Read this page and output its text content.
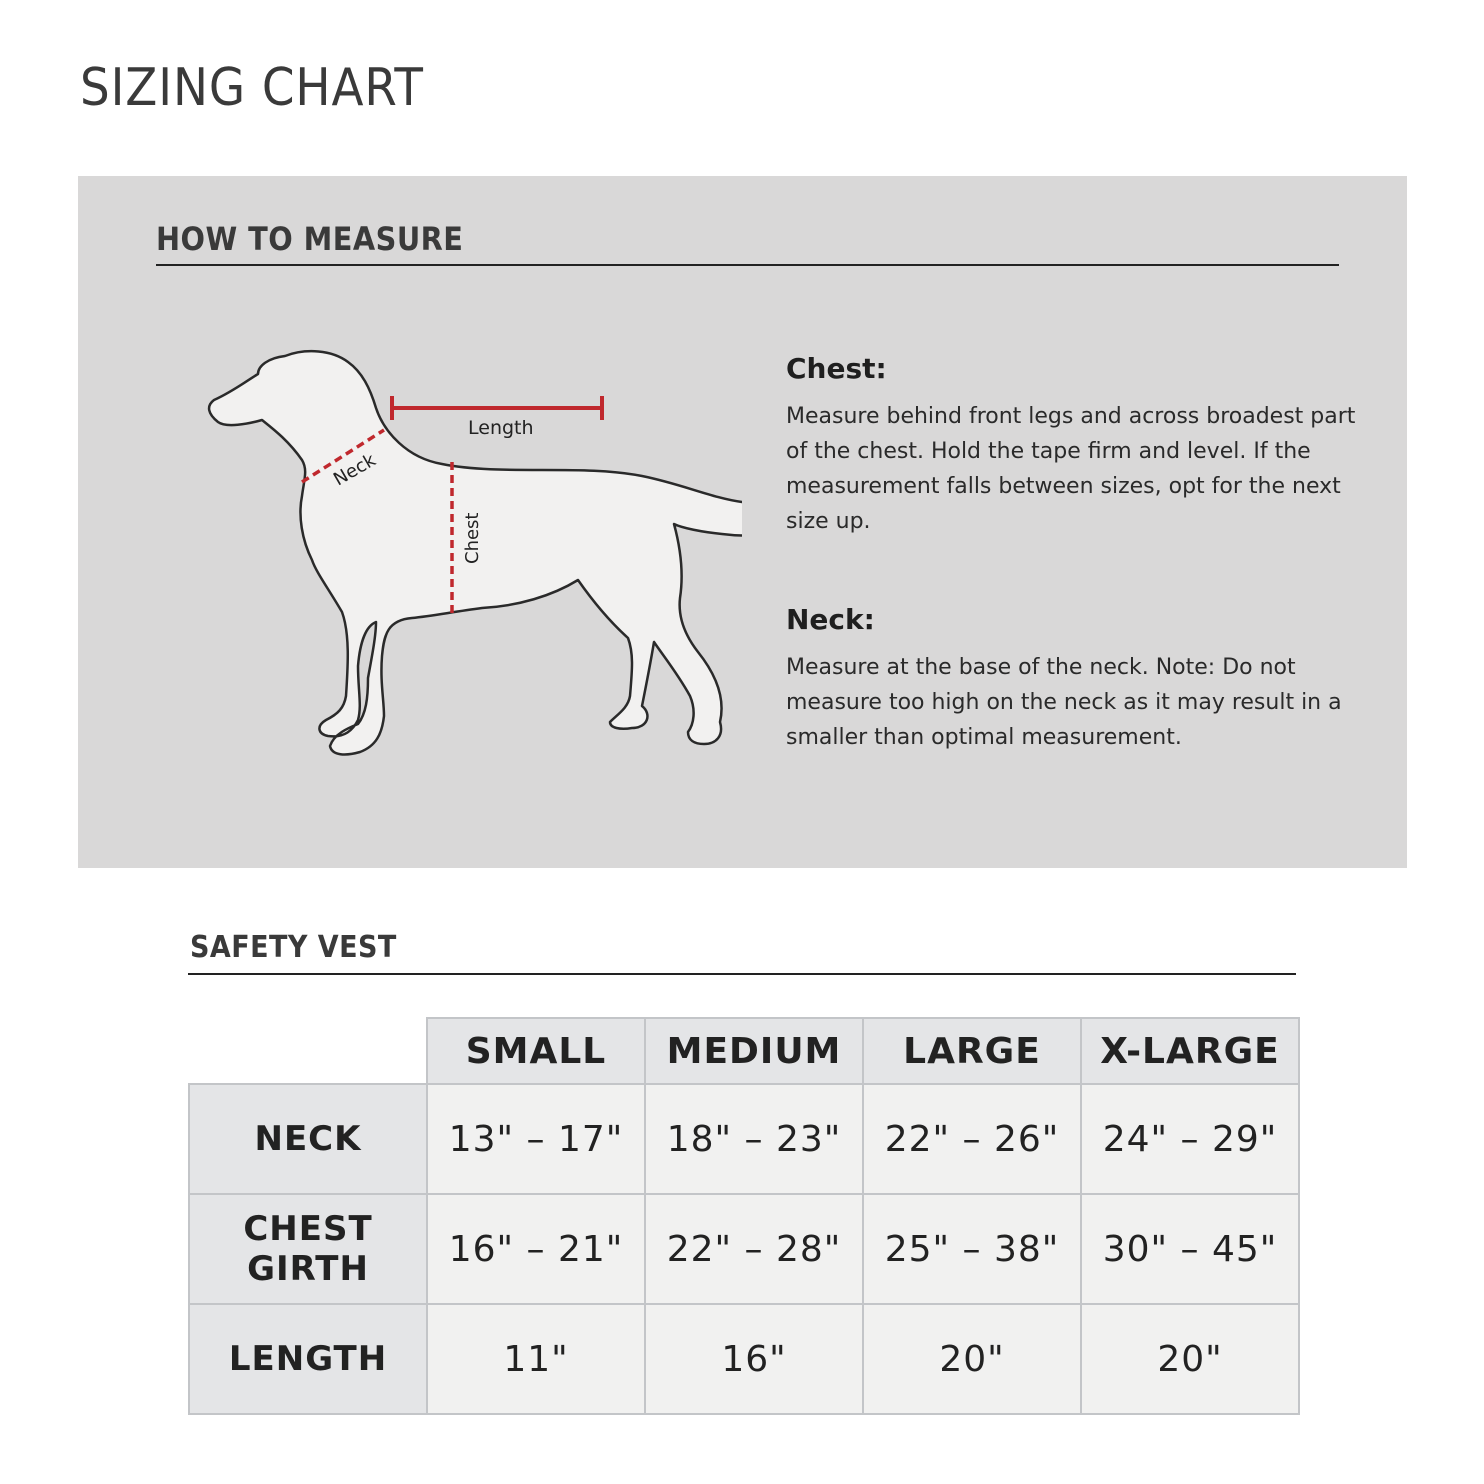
SIZING CHART
HOW TO MEASURE
Length
Neck
Chest
Chest:

Measure behind front legs and across broadest part of the chest. Hold the tape firm and level. If the measurement falls between sizes, opt for the next size up.

Neck:

Measure at the base of the neck. Note: Do not measure too high on the neck as it may result in a smaller than optimal measurement.

SAFETY VEST
	SMALL	MEDIUM	LARGE	X-LARGE

NECK	13" – 17"	18" – 23"	22" – 26"	24" – 29"

CHEST
GIRTH	16" – 21"	22" – 28"	25" – 38"	30" – 45"

LENGTH	11"	16"	20"	20"
